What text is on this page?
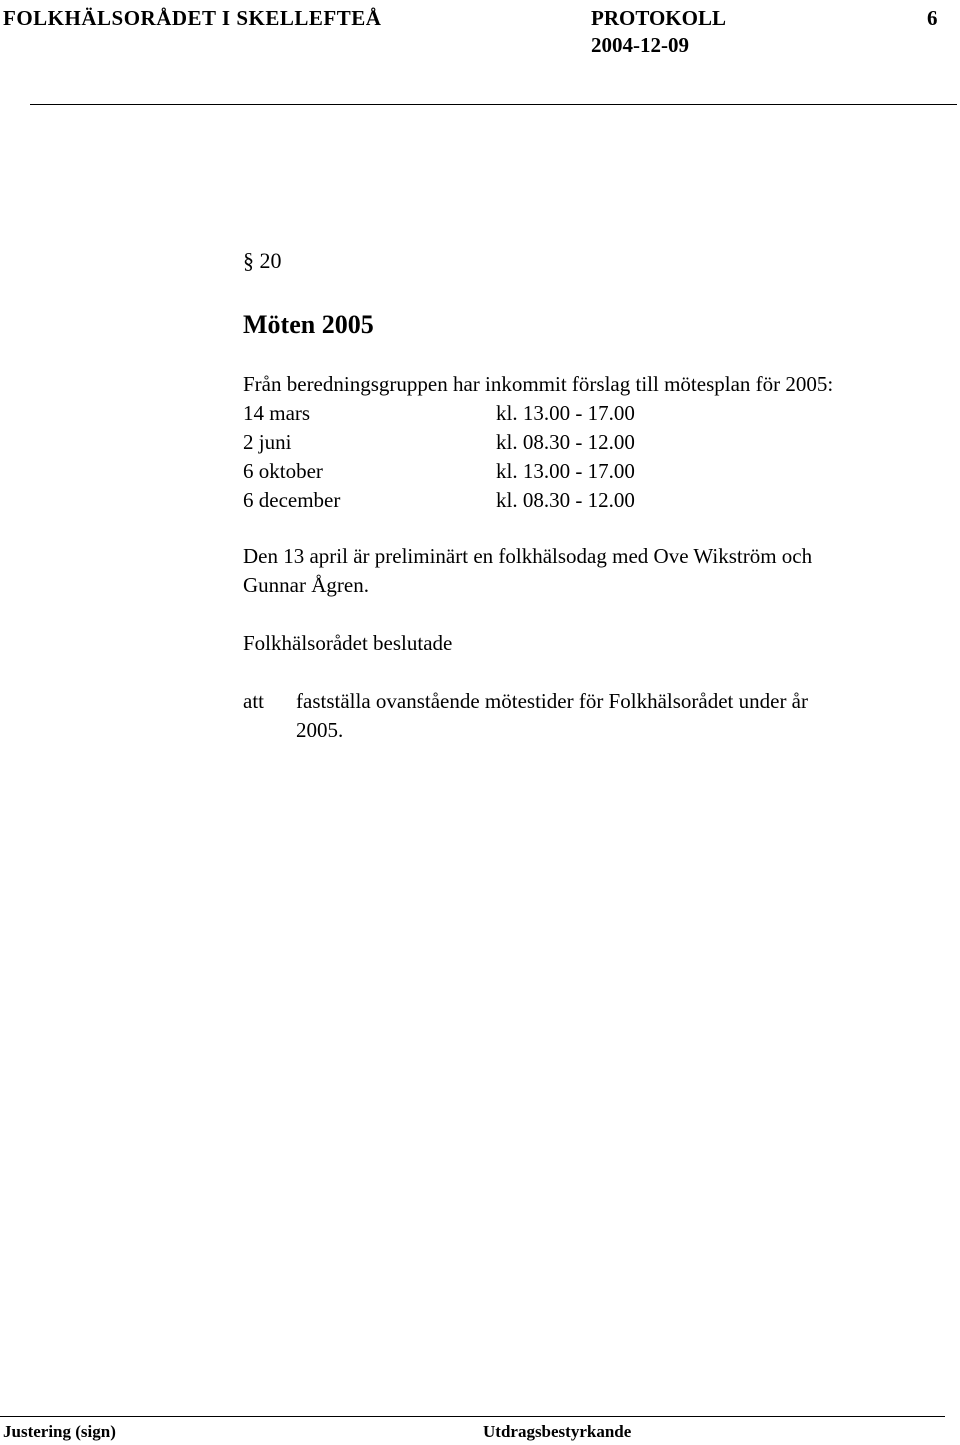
FOLKHÄLSORÅDET I SKELLEFTEÅ	PROTOKOLL	6
2004-12-09
§ 20
Möten 2005
Från beredningsgruppen har inkommit förslag till mötesplan för 2005:
14 mars	kl. 13.00 - 17.00
2 juni	kl. 08.30 - 12.00
6 oktober	kl. 13.00 - 17.00
6 december	kl. 08.30 - 12.00
Den 13 april är preliminärt en folkhälsodag med Ove Wikström och
Gunnar Ågren.
Folkhälsorådet beslutade
att fastställa ovanstående mötestider för Folkhälsorådet under år
2005.
Justering (sign)	Utdragsbestyrkande
